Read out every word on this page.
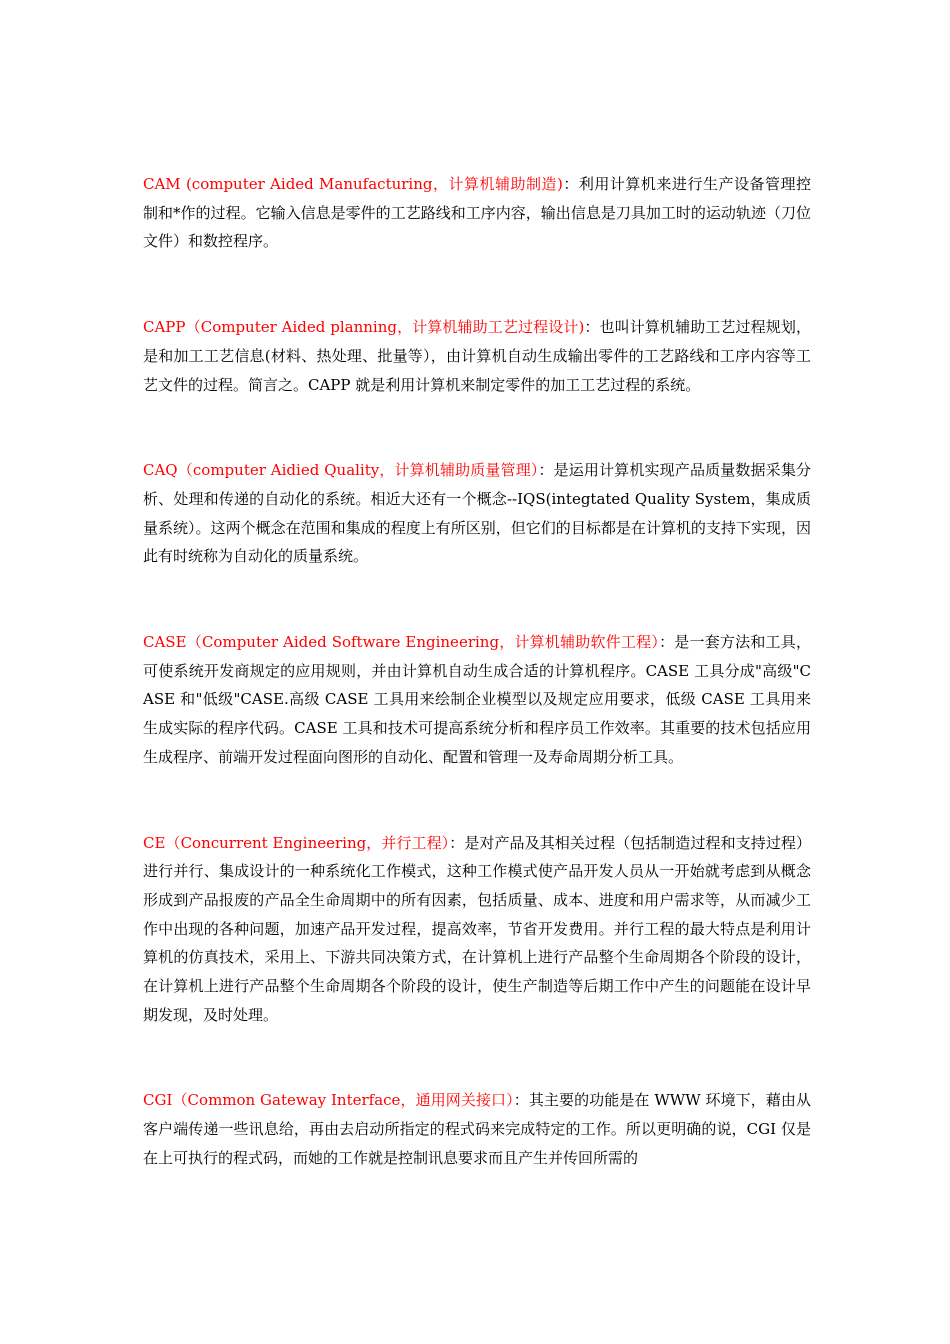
CAM (computer Aided Manufacturing，计算机辅助制造)：利用计算机来进行生产设备管理控制和*作的过程。它输入信息是零件的工艺路线和工序内容，输出信息是刀具加工时的运动轨迹（刀位文件）和数控程序。

CAPP（Computer Aided planning，计算机辅助工艺过程设计)：也叫计算机辅助工艺过程规划，是和加工工艺信息(材料、热处理、批量等），由计算机自动生成输出零件的工艺路线和工序内容等工艺文件的过程。简言之。CAPP 就是利用计算机来制定零件的加工工艺过程的系统。

CAQ（computer Aidied Quality，计算机辅助质量管理）：是运用计算机实现产品质量数据采集分析、处理和传递的自动化的系统。相近大还有一个概念--IQS(integtated Quality System，集成质量系统）。这两个概念在范围和集成的程度上有所区别，但它们的目标都是在计算机的支持下实现，因此有时统称为自动化的质量系统。

CASE（Computer Aided Software Engineering，计算机辅助软件工程）：是一套方法和工具，可使系统开发商规定的应用规则，并由计算机自动生成合适的计算机程序。CASE 工具分成"高级"CASE 和"低级"CASE.高级 CASE 工具用来绘制企业模型以及规定应用要求，低级 CASE 工具用来生成实际的程序代码。CASE 工具和技术可提高系统分析和程序员工作效率。其重要的技术包括应用生成程序、前端开发过程面向图形的自动化、配置和管理一及寿命周期分析工具。

CE（Concurrent Engineering，并行工程）：是对产品及其相关过程（包括制造过程和支持过程）进行并行、集成设计的一种系统化工作模式，这种工作模式使产品开发人员从一开始就考虑到从概念形成到产品报废的产品全生命周期中的所有因素，包括质量、成本、进度和用户需求等，从而减少工作中出现的各种问题，加速产品开发过程，提高效率，节省开发费用。并行工程的最大特点是利用计算机的仿真技术，采用上、下游共同决策方式，在计算机上进行产品整个生命周期各个阶段的设计，在计算机上进行产品整个生命周期各个阶段的设计，使生产制造等后期工作中产生的问题能在设计早期发现，及时处理。

CGI（Common Gateway Interface，通用网关接口）：其主要的功能是在 WWW 环境下，藉由从客户端传递一些讯息给，再由去启动所指定的程式码来完成特定的工作。所以更明确的说，CGI 仅是在上可执行的程式码，而她的工作就是控制讯息要求而且产生并传回所需的
